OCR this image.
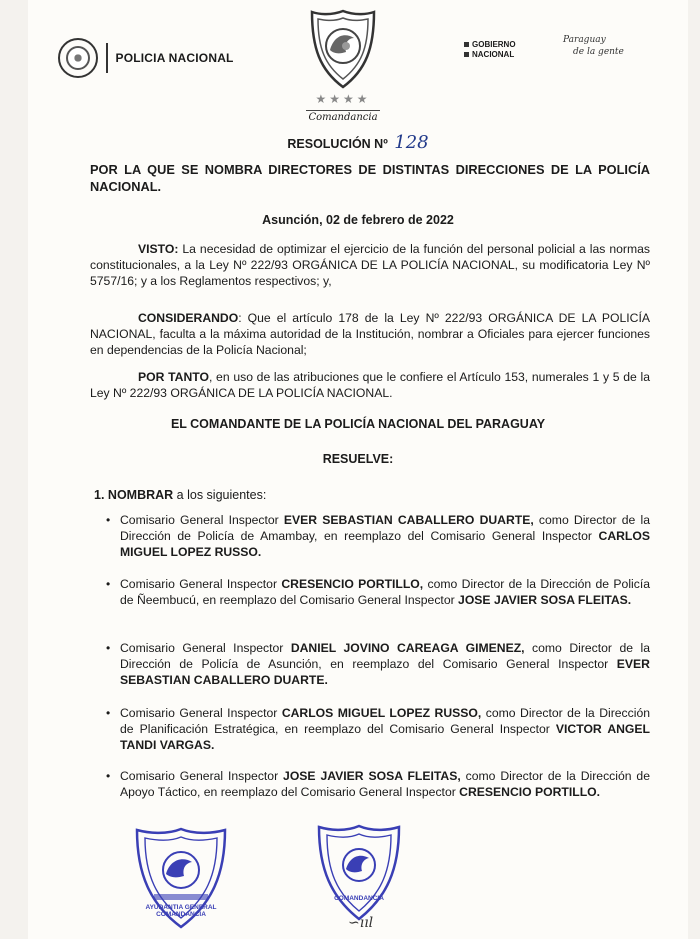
POLICIA NACIONAL
★★★★
Comandancia
GOBIERNO
NACIONAL
Paraguay
de la gente
RESOLUCIÓN Nº 128
POR LA QUE SE NOMBRA DIRECTORES DE DISTINTAS DIRECCIONES DE LA POLICÍA NACIONAL.
Asunción, 02 de febrero de 2022
VISTO: La necesidad de optimizar el ejercicio de la función del personal policial a las normas constitucionales, a la Ley Nº 222/93 ORGÁNICA DE LA POLICÍA NACIONAL, su modificatoria Ley Nº 5757/16; y a los Reglamentos respectivos; y,
CONSIDERANDO: Que el artículo 178 de la Ley Nº 222/93 ORGÁNICA DE LA POLICÍA NACIONAL, faculta a la máxima autoridad de la Institución, nombrar a Oficiales para ejercer funciones en dependencias de la Policía Nacional;
POR TANTO, en uso de las atribuciones que le confiere el Artículo 153, numerales 1 y 5 de la Ley Nº 222/93 ORGÁNICA DE LA POLICÍA NACIONAL.
EL COMANDANTE DE LA POLICÍA NACIONAL DEL PARAGUAY
RESUELVE:
1. NOMBRAR a los siguientes:
• Comisario General Inspector EVER SEBASTIAN CABALLERO DUARTE, como Director de la Dirección de Policía de Amambay, en reemplazo del Comisario General Inspector CARLOS MIGUEL LOPEZ RUSSO.
• Comisario General Inspector CRESENCIO PORTILLO, como Director de la Dirección de Policía de Ñeembucú, en reemplazo del Comisario General Inspector JOSE JAVIER SOSA FLEITAS.
• Comisario General Inspector DANIEL JOVINO CAREAGA GIMENEZ, como Director de la Dirección de Policía de Asunción, en reemplazo del Comisario General Inspector EVER SEBASTIAN CABALLERO DUARTE.
• Comisario General Inspector CARLOS MIGUEL LOPEZ RUSSO, como Director de la Dirección de Planificación Estratégica, en reemplazo del Comisario General Inspector VICTOR ANGEL TANDI VARGAS.
• Comisario General Inspector JOSE JAVIER SOSA FLEITAS, como Director de la Dirección de Apoyo Táctico, en reemplazo del Comisario General Inspector CRESENCIO PORTILLO.
AYUDANTIA GENERAL COMANDANCIA
COMANDANCIA
∽ııl
